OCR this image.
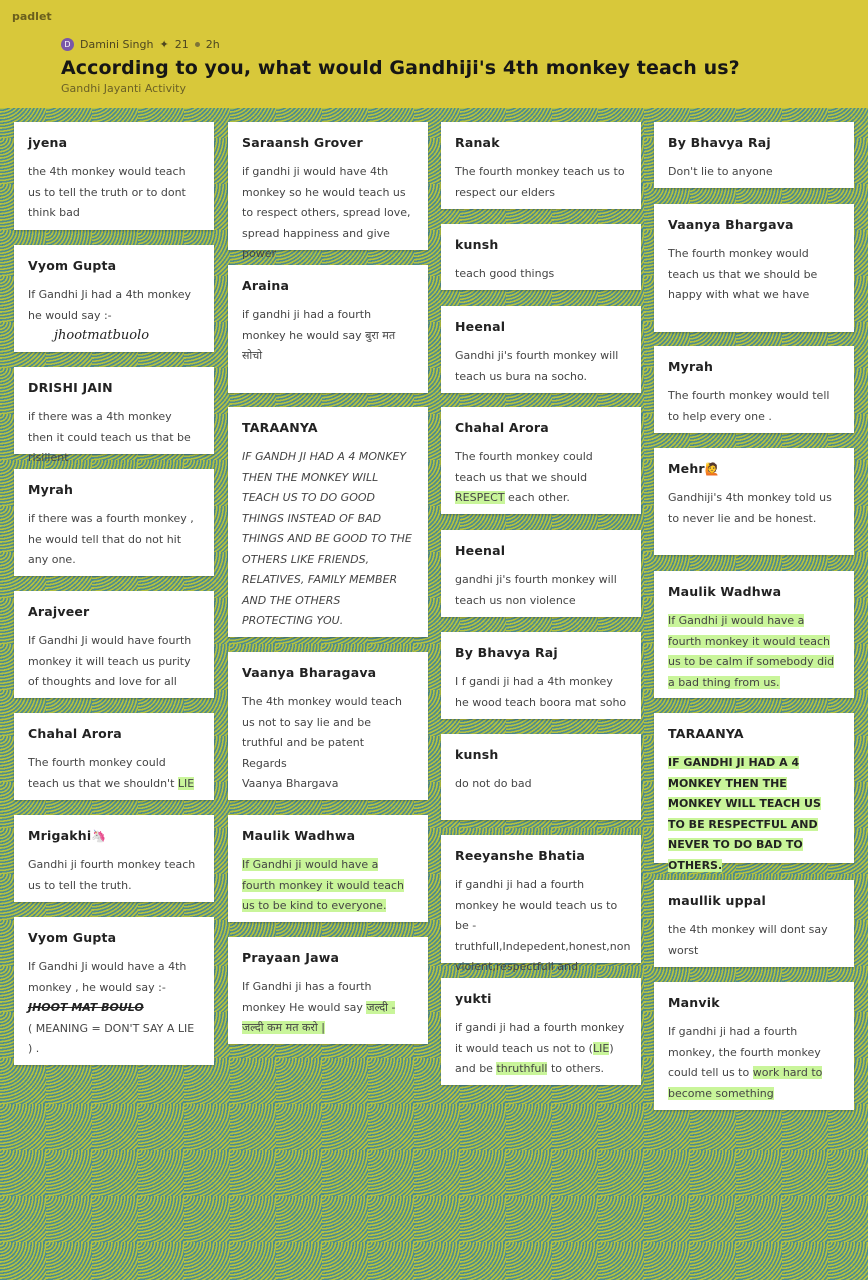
padlet
D Damini Singh ✦ 21 2h
According to you, what would Gandhiji's 4th monkey teach us?
Gandhi Jayanti Activity
jyena
the 4th monkey would teach us to tell the truth or to dont think bad
Vyom Gupta
If Gandhi Ji had a 4th monkey he would say :-
jhootmatbuolo
DRISHI JAIN
if there was a 4th monkey then it could teach us that be risilient
Myrah
if there was a fourth monkey , he would tell that do not hit any one.
Arajveer
If Gandhi Ji would have fourth monkey it will teach us purity of thoughts and love for all
Chahal Arora
The fourth monkey could teach us that we shouldn't LIE
Mrigakhi🦄
Gandhi ji fourth monkey teach us to tell the truth.
Vyom Gupta
If Gandhi Ji would have a 4th monkey , he would say :-
JHOOT MAT BOULO
( MEANING = DON'T SAY A LIE ) .
Saraansh Grover
if gandhi ji would have 4th monkey so he would teach us to respect others, spread love, spread happiness and give power
Araina
if gandhi ji had a fourth monkey he would say बुरा मत सोचो
TARAANYA
IF GANDH JI HAD A 4 MONKEY THEN THE MONKEY WILL TEACH US TO DO GOOD THINGS INSTEAD OF BAD THINGS AND BE GOOD TO THE OTHERS LIKE FRIENDS, RELATIVES, FAMILY MEMBER AND THE OTHERS PROTECTING YOU.
Vaanya Bharagava
The 4th monkey would teach us not to say lie and be truthful and be patent
Regards
Vaanya Bhargava
Maulik Wadhwa
If Gandhi ji would have a fourth monkey it would teach us to be kind to everyone.
Prayaan Jawa
If Gandhi ji has a fourth monkey He would say जल्दी - जल्दी कम मत करो |
Ranak
The fourth monkey teach us to respect our elders
kunsh
teach good things
Heenal
Gandhi ji's fourth monkey will teach us bura na socho.
Chahal Arora
The fourth monkey could teach us that we should RESPECT each other.
Heenal
gandhi ji's fourth monkey will teach us non violence
By Bhavya Raj
I f gandi ji had a 4th monkey he wood teach boora mat soho
kunsh
do not do bad
Reeyanshe Bhatia
if gandhi ji had a fourth monkey he would teach us to be - truthfull,Indepedent,honest,non violent,respectfull and
yukti
if gandi ji had a fourth monkey it would teach us not to (LIE) and be thruthfull to others.
By Bhavya Raj
Don't lie to anyone
Vaanya Bhargava
The fourth monkey would teach us that we should be happy with what we have
Myrah
The fourth monkey would tell to help every one .
Mehr🙋
Gandhiji's 4th monkey told us to never lie and be honest.
Maulik Wadhwa
If Gandhi ji would have a fourth monkey it would teach us to be calm if somebody did a bad thing from us.
TARAANYA
IF GANDHI JI HAD A 4 MONKEY THEN THE MONKEY WILL TEACH US TO BE RESPECTFUL AND NEVER TO DO BAD TO OTHERS.
maullik uppal
the 4th monkey will dont say worst
Manvik
If gandhi ji had a fourth monkey, the fourth monkey could tell us to work hard to become something
